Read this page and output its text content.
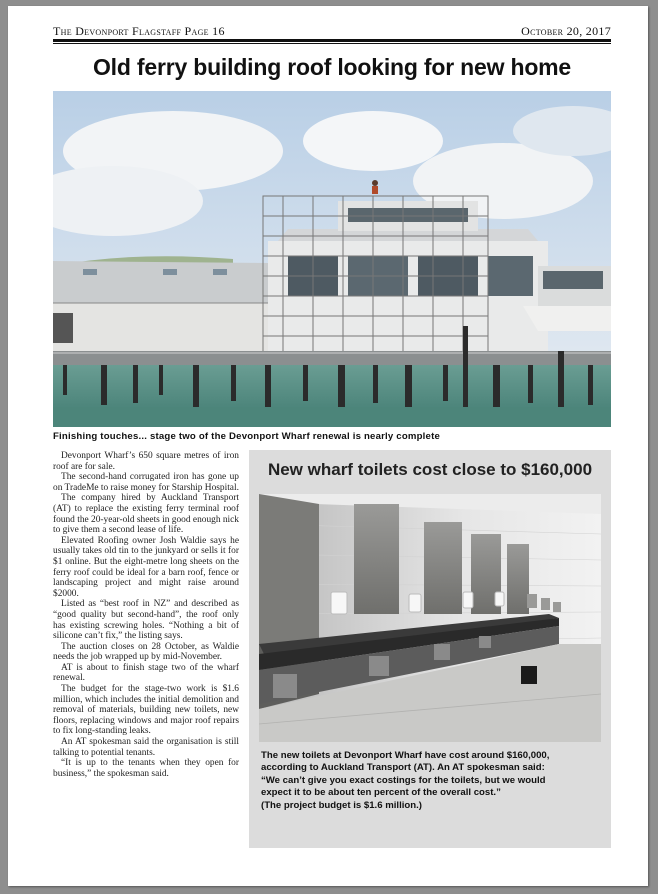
The Devonport Flagstaff Page 16	October 20, 2017
Old ferry building roof looking for new home
Finishing touches... stage two of the Devonport Wharf renewal is nearly complete

Devonport Wharf’s 650 square metres of iron roof are for sale.

The second-hand corrugated iron has gone up on TradeMe to raise money for Starship Hospital.

The company hired by Auckland Transport (AT) to replace the existing ferry terminal roof found the 20-year-old sheets in good enough nick to give them a second lease of life.

Elevated Roofing owner Josh Waldie says he usually takes old tin to the junkyard or sells it for $1 online. But the eight-metre long sheets on the ferry roof could be ideal for a barn roof, fence or landscaping project and might raise around $2000.

Listed as “best roof in NZ” and described as “good quality but second-hand”, the roof only has existing screwing holes. “Nothing a bit of silicone can’t fix,” the listing says.

The auction closes on 28 October, as Waldie needs the job wrapped up by mid-November.

AT is about to finish stage two of the wharf renewal.

The budget for the stage-two work is $1.6 million, which includes the initial demolition and removal of materials, building new toilets, new floors, replacing windows and major roof repairs to fix long-standing leaks.

An AT spokesman said the organisation is still talking to potential tenants.

“It is up to the tenants when they open for business,” the spokesman said.

New wharf toilets cost close to $160,000
The new toilets at Devonport Wharf have cost around $160,000,
according to Auckland Transport (AT). An AT spokesman said:
“We can’t give you exact costings for the toilets, but we would
expect it to be about ten percent of the overall cost.”
(The project budget is $1.6 million.)
